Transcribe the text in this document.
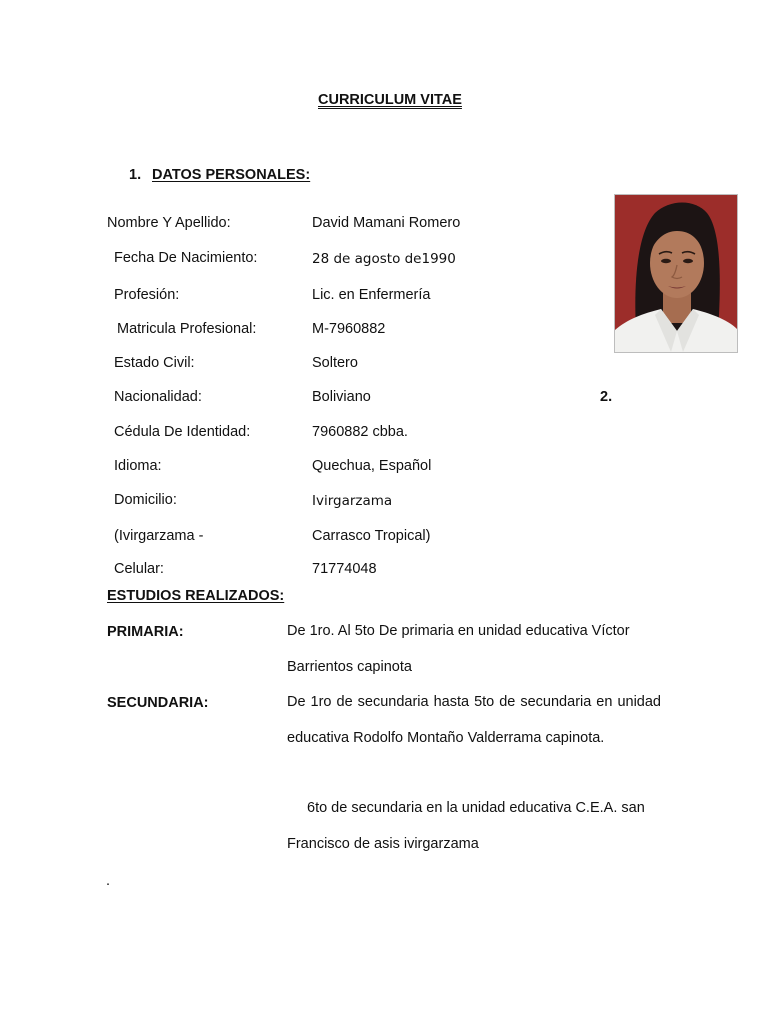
CURRICULUM VITAE
1. DATOS PERSONALES:
Nombre Y Apellido:	David Mamani Romero
Fecha De Nacimiento:	28 de agosto de1990
Profesión:	Lic. en Enfermería
Matricula Profesional:	M-7960882
Estado Civil:	Soltero
Nacionalidad:	Boliviano
Cédula De Identidad:	7960882 cbba.
Idioma:	Quechua, Español
Domicilio:	Ivirgarzama
(Ivirgarzama -	Carrasco Tropical)
Celular:	71774048
2.
ESTUDIOS REALIZADOS:
PRIMARIA:	De 1ro. Al 5to De primaria en unidad educativa Víctor Barrientos capinota
SECUNDARIA:	De 1ro de secundaria hasta 5to de secundaria en unidad educativa Rodolfo Montaño Valderrama capinota.
6to de secundaria en la unidad educativa C.E.A. san Francisco de asis ivirgarzama
.
